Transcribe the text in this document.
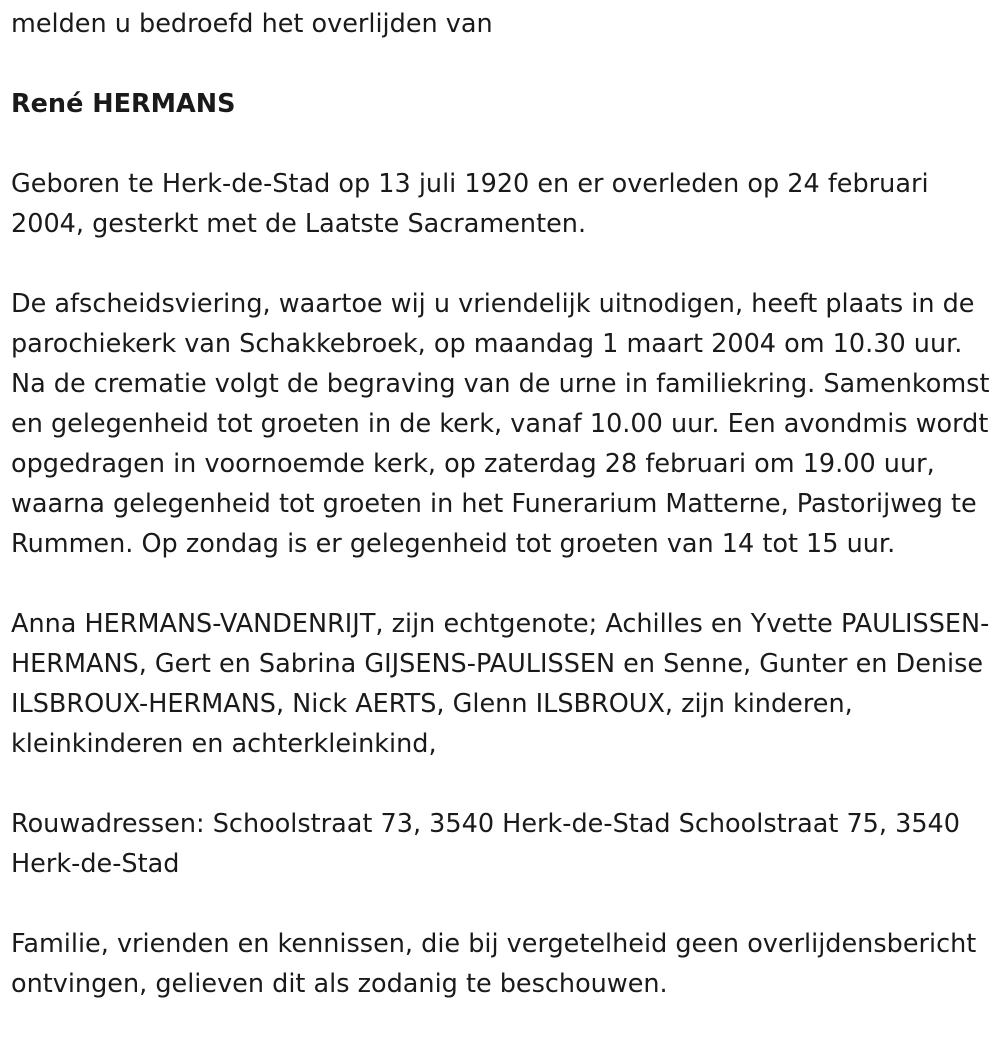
melden u bedroefd het overlijden van

René HERMANS

Geboren te Herk-de-Stad op 13 juli 1920 en er overleden op 24 februari 2004, gesterkt met de Laatste Sacramenten.

De afscheidsviering, waartoe wij u vriendelijk uitnodigen, heeft plaats in de parochiekerk van Schakkebroek, op maandag 1 maart 2004 om 10.30 uur. Na de crematie volgt de begraving van de urne in familiekring. Samenkomst en gelegenheid tot groeten in de kerk, vanaf 10.00 uur. Een avondmis wordt opgedragen in voornoemde kerk, op zaterdag 28 februari om 19.00 uur, waarna gelegenheid tot groeten in het Funerarium Matterne, Pastorijweg te Rummen. Op zondag is er gelegenheid tot groeten van 14 tot 15 uur.

Anna HERMANS-VANDENRIJT, zijn echtgenote; Achilles en Yvette PAULISSEN-HERMANS, Gert en Sabrina GIJSENS-PAULISSEN en Senne, Gunter en Denise ILSBROUX-HERMANS, Nick AERTS, Glenn ILSBROUX, zijn kinderen, kleinkinderen en achterkleinkind,

Rouwadressen: Schoolstraat 73, 3540 Herk-de-Stad Schoolstraat 75, 3540 Herk-de-Stad

Familie, vrienden en kennissen, die bij vergetelheid geen overlijdensbericht ontvingen, gelieven dit als zodanig te beschouwen.
